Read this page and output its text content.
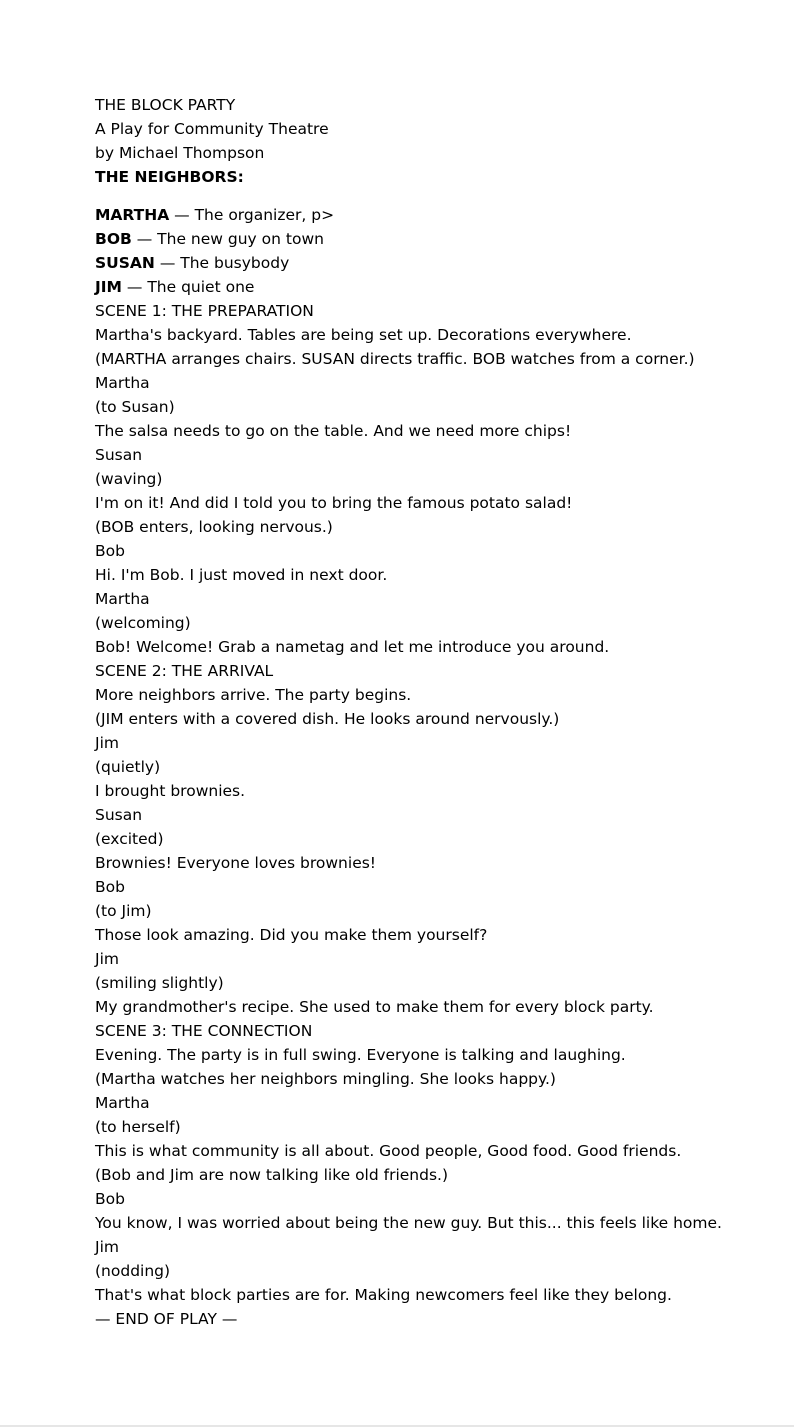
THE BLOCK PARTY
A Play for Community Theatre
by Michael Thompson
THE NEIGHBORS:
MARTHA — The organizer, p>
BOB — The new guy on town
SUSAN — The busybody
JIM — The quiet one
SCENE 1: THE PREPARATION
Martha's backyard. Tables are being set up. Decorations everywhere.
(MARTHA arranges chairs. SUSAN directs traffic. BOB watches from a corner.)
Martha
(to Susan)
The salsa needs to go on the table. And we need more chips!
Susan
(waving)
I'm on it! And did I told you to bring the famous potato salad!
(BOB enters, looking nervous.)
Bob
Hi. I'm Bob. I just moved in next door.
Martha
(welcoming)
Bob! Welcome! Grab a nametag and let me introduce you around.
SCENE 2: THE ARRIVAL
More neighbors arrive. The party begins.
(JIM enters with a covered dish. He looks around nervously.)
Jim
(quietly)
I brought brownies.
Susan
(excited)
Brownies! Everyone loves brownies!
Bob
(to Jim)
Those look amazing. Did you make them yourself?
Jim
(smiling slightly)
My grandmother's recipe. She used to make them for every block party.
SCENE 3: THE CONNECTION
Evening. The party is in full swing. Everyone is talking and laughing.
(Martha watches her neighbors mingling. She looks happy.)
Martha
(to herself)
This is what community is all about. Good people, Good food. Good friends.
(Bob and Jim are now talking like old friends.)
Bob
You know, I was worried about being the new guy. But this... this feels like home.
Jim
(nodding)
That's what block parties are for. Making newcomers feel like they belong.
— END OF PLAY —
